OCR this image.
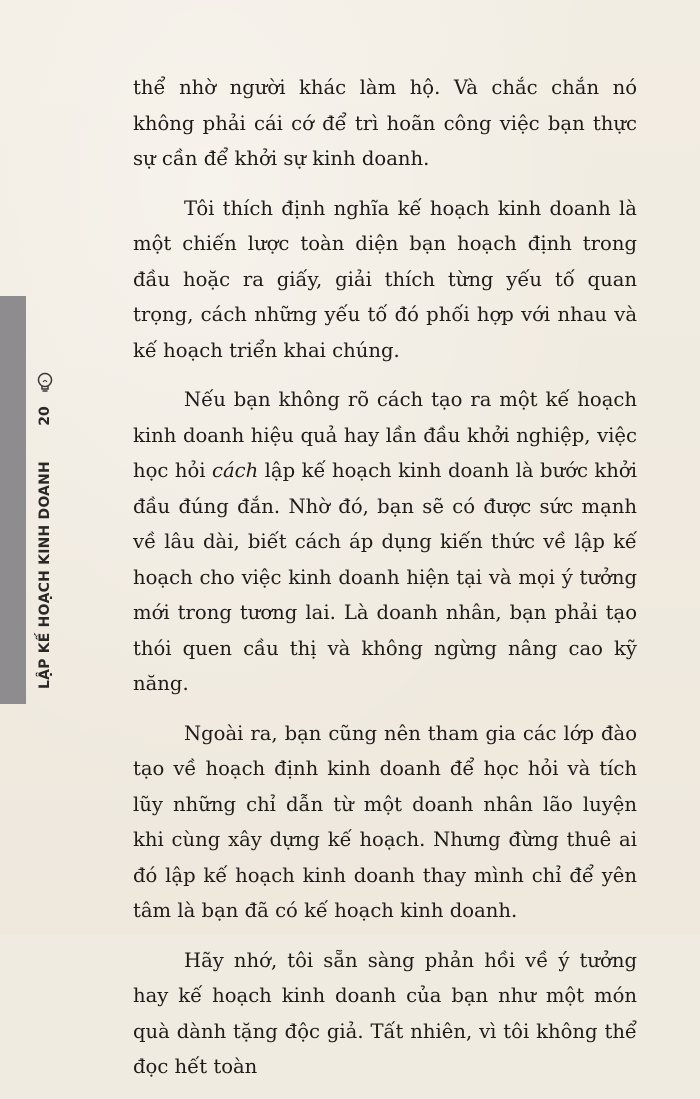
20
LẬP KẾ HOẠCH KINH DOANH

thể nhờ người khác làm hộ. Và chắc chắn nó không phải cái cớ để trì hoãn công việc bạn thực sự cần để khởi sự kinh doanh.

Tôi thích định nghĩa kế hoạch kinh doanh là một chiến lược toàn diện bạn hoạch định trong đầu hoặc ra giấy, giải thích từng yếu tố quan trọng, cách những yếu tố đó phối hợp với nhau và kế hoạch triển khai chúng.

Nếu bạn không rõ cách tạo ra một kế hoạch kinh doanh hiệu quả hay lần đầu khởi nghiệp, việc học hỏi cách lập kế hoạch kinh doanh là bước khởi đầu đúng đắn. Nhờ đó, bạn sẽ có được sức mạnh về lâu dài, biết cách áp dụng kiến thức về lập kế hoạch cho việc kinh doanh hiện tại và mọi ý tưởng mới trong tương lai. Là doanh nhân, bạn phải tạo thói quen cầu thị và không ngừng nâng cao kỹ năng.

Ngoài ra, bạn cũng nên tham gia các lớp đào tạo về hoạch định kinh doanh để học hỏi và tích lũy những chỉ dẫn từ một doanh nhân lão luyện khi cùng xây dựng kế hoạch. Nhưng đừng thuê ai đó lập kế hoạch kinh doanh thay mình chỉ để yên tâm là bạn đã có kế hoạch kinh doanh.

Hãy nhớ, tôi sẵn sàng phản hồi về ý tưởng hay kế hoạch kinh doanh của bạn như một món quà dành tặng độc giả. Tất nhiên, vì tôi không thể đọc hết toàn
